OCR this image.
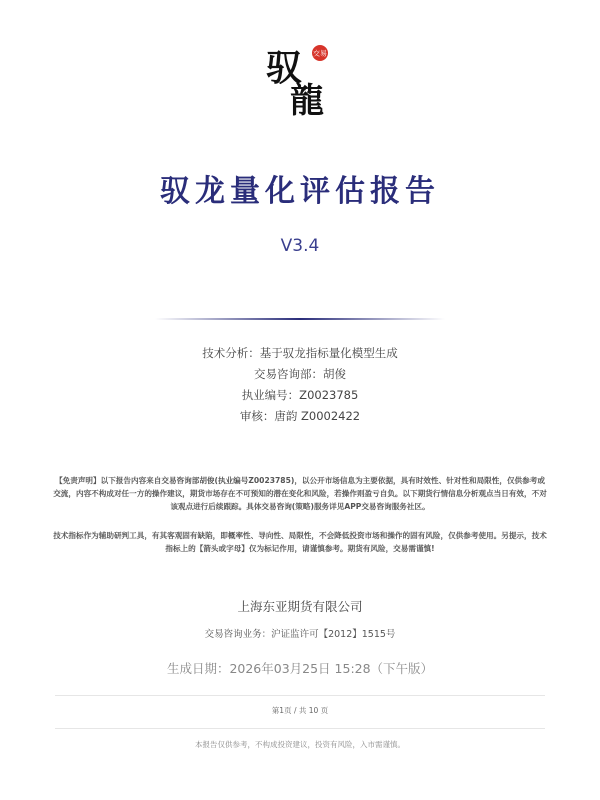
驭
龍
交易
驭龙量化评估报告
V3.4
技术分析：基于驭龙指标量化模型生成
交易咨询部：胡俊
执业编号：Z0023785
审核：唐韵 Z0002422
【免责声明】以下报告内容来自交易咨询部胡俊(执业编号Z0023785)，以公开市场信息为主要依据，具有时效性、针对性和局限性，仅供参考或交流，内容不构成对任一方的操作建议，期货市场存在不可预知的潜在变化和风险，若操作则盈亏自负。以下期货行情信息分析观点当日有效，不对该观点进行后续跟踪。具体交易咨询(策略)服务详见APP交易咨询服务社区。
技术指标作为辅助研判工具，有其客观固有缺陷，即概率性、导向性、局限性，不会降低投资市场和操作的固有风险，仅供参考使用。另提示，技术指标上的【箭头或字母】仅为标记作用，请谨慎参考。期货有风险，交易需谨慎!
上海东亚期货有限公司
交易咨询业务：沪证监许可【2012】1515号
生成日期：2026年03月25日 15:28（下午版）
第1页 / 共 10 页
本报告仅供参考，不构成投资建议，投资有风险，入市需谨慎。
